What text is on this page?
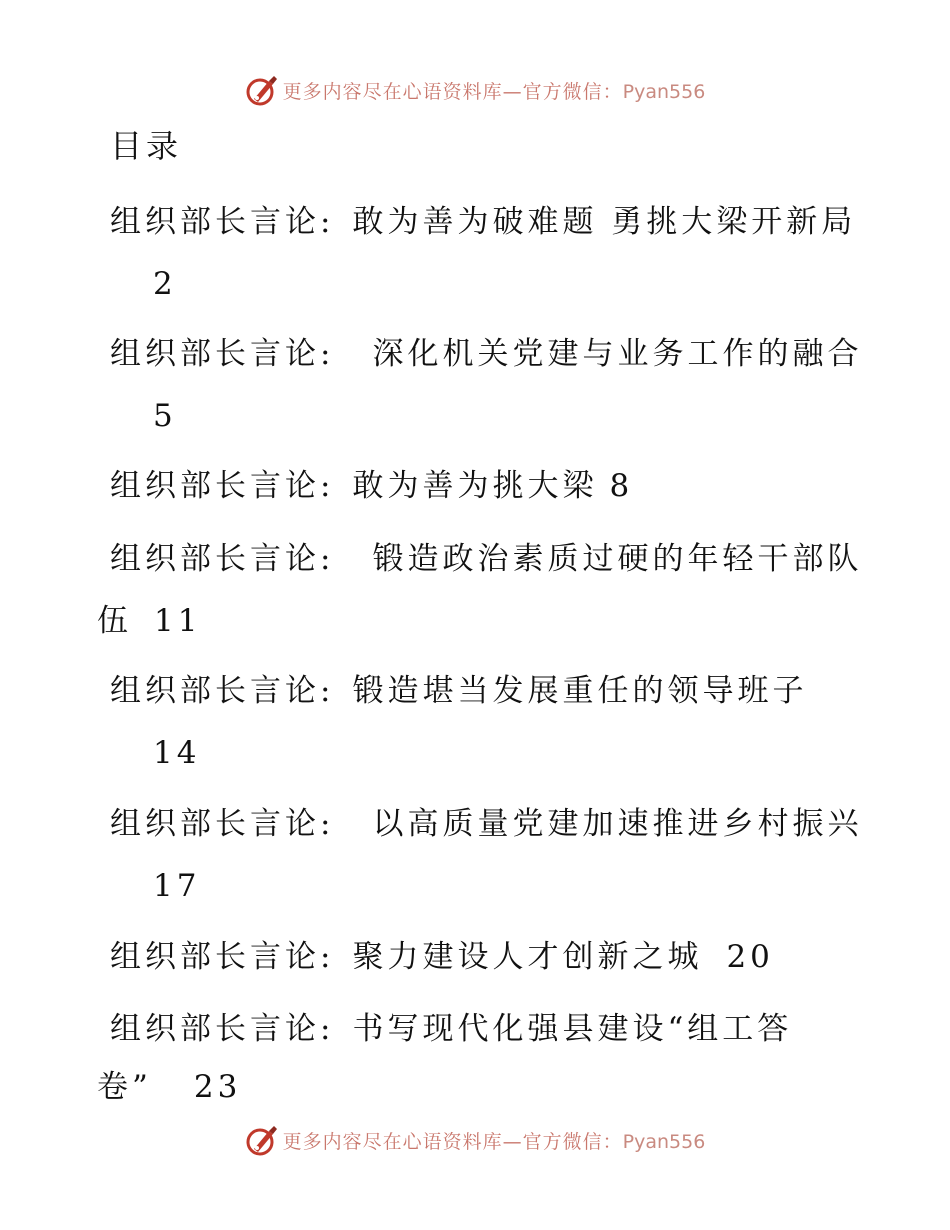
更多内容尽在心语资料库—官方微信：Pyan556
目录
组织部长言论: 敢为善为破难题 勇挑大梁开新局
2
组织部长言论: 深化机关党建与业务工作的融合
5
组织部长言论: 敢为善为挑大梁 8
组织部长言论: 锻造政治素质过硬的年轻干部队
伍 11
组织部长言论: 锻造堪当发展重任的领导班子
14
组织部长言论: 以高质量党建加速推进乡村振兴
17
组织部长言论: 聚力建设人才创新之城 20
组织部长言论: 书写现代化强县建设“组工答
卷” 23
更多内容尽在心语资料库—官方微信：Pyan556
